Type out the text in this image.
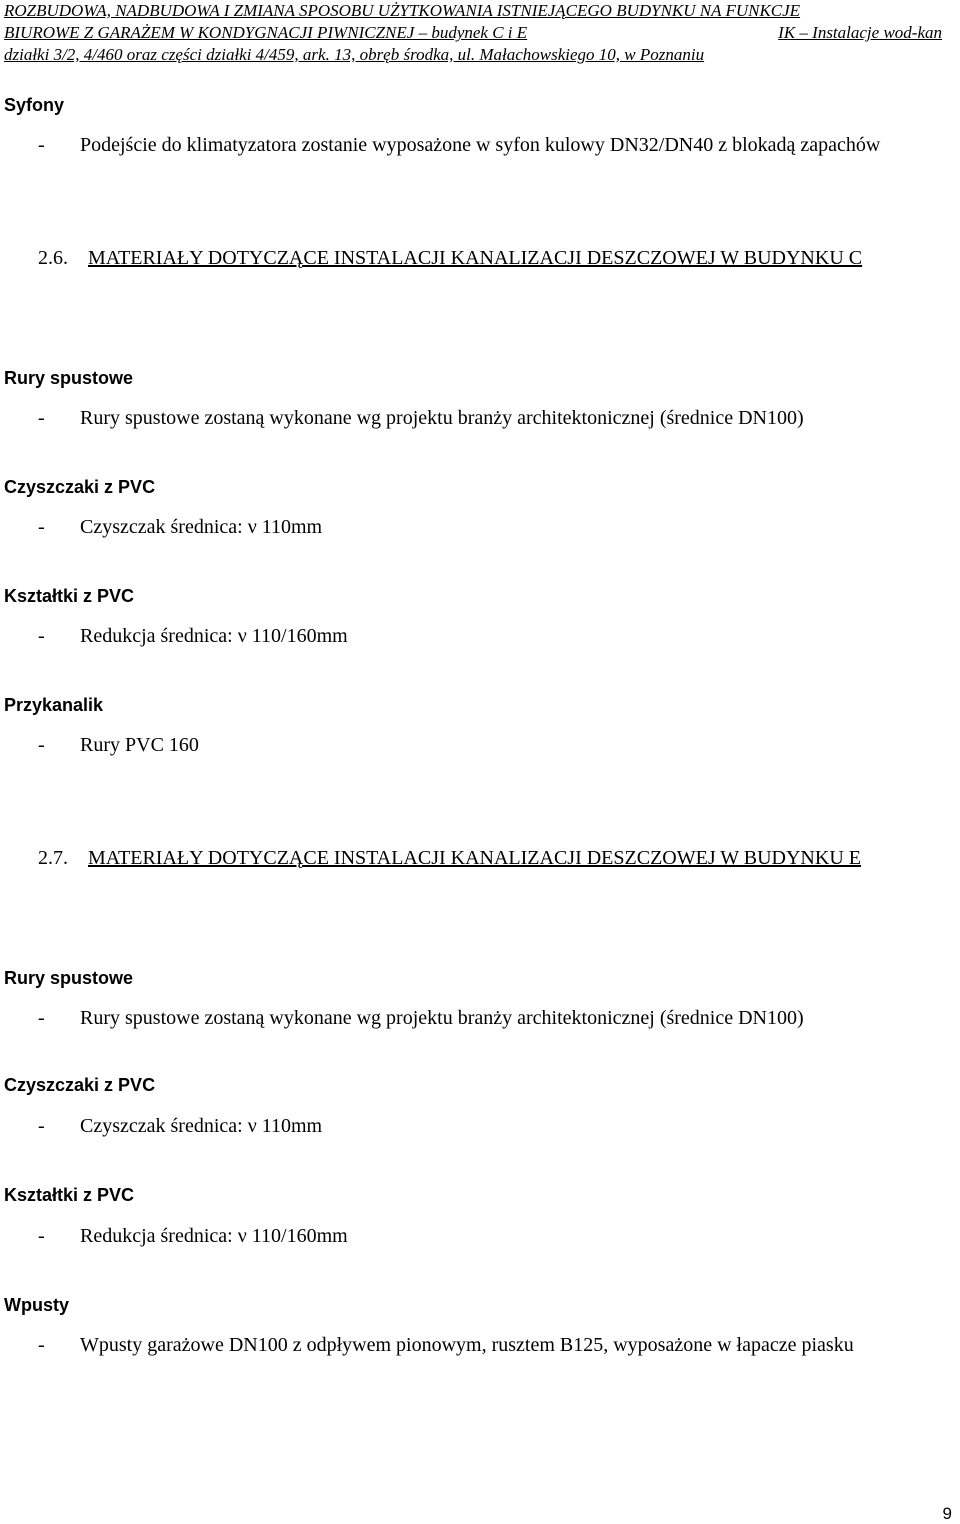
ROZBUDOWA, NADBUDOWA I ZMIANA SPOSOBU UŻYTKOWANIA ISTNIEJĄCEGO BUDYNKU NA FUNKCJE
BIUROWE Z GARAŻEM W KONDYGNACJI PIWNICZNEJ – budynek C i E	IK – Instalacje wod-kan
działki 3/2, 4/460 oraz części działki 4/459, ark. 13, obręb środka, ul. Małachowskiego 10, w Poznaniu
Syfony
- Podejście do klimatyzatora zostanie wyposażone w syfon kulowy DN32/DN40 z blokadą zapachów
2.6. MATERIAŁY DOTYCZĄCE INSTALACJI KANALIZACJI DESZCZOWEJ W BUDYNKU C
Rury spustowe
- Rury spustowe zostaną wykonane wg projektu branży architektonicznej (średnice DN100)
Czyszczaki z PVC
- Czyszczak średnica: ν 110mm
Kształtki z PVC
- Redukcja średnica: ν 110/160mm
Przykanalik
- Rury PVC 160
2.7. MATERIAŁY DOTYCZĄCE INSTALACJI KANALIZACJI DESZCZOWEJ W BUDYNKU E
Rury spustowe
- Rury spustowe zostaną wykonane wg projektu branży architektonicznej (średnice DN100)
Czyszczaki z PVC
- Czyszczak średnica: ν 110mm
Kształtki z PVC
- Redukcja średnica: ν 110/160mm
Wpusty
- Wpusty garażowe DN100 z odpływem pionowym, rusztem B125, wyposażone w łapacze piasku
9
